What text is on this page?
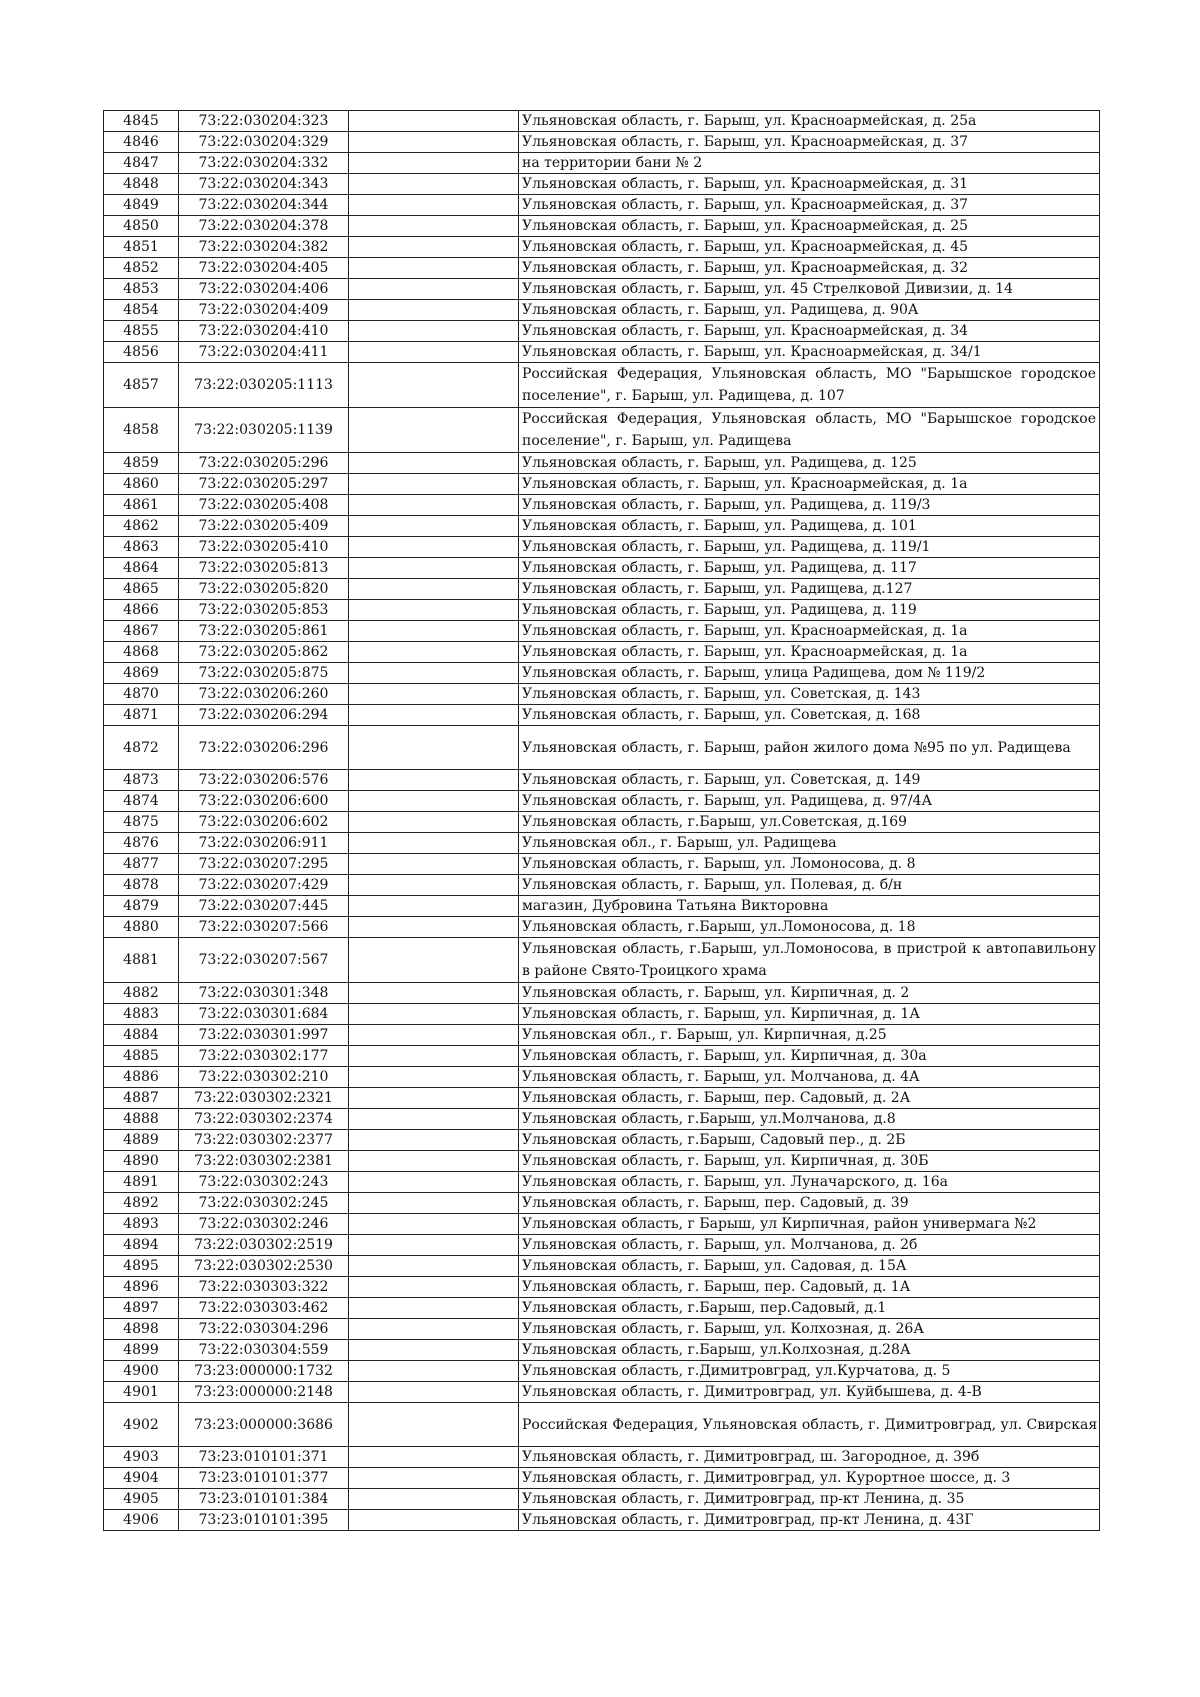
4845	73:22:030204:323		Ульяновская область, г. Барыш, ул. Красноармейская, д. 25а
4846	73:22:030204:329		Ульяновская область, г. Барыш, ул. Красноармейская, д. 37
4847	73:22:030204:332		на территории бани № 2
4848	73:22:030204:343		Ульяновская область, г. Барыш, ул. Красноармейская, д. 31
4849	73:22:030204:344		Ульяновская область, г. Барыш, ул. Красноармейская, д. 37
4850	73:22:030204:378		Ульяновская область, г. Барыш, ул. Красноармейская, д. 25
4851	73:22:030204:382		Ульяновская область, г. Барыш, ул. Красноармейская, д. 45
4852	73:22:030204:405		Ульяновская область, г. Барыш, ул. Красноармейская, д. 32
4853	73:22:030204:406		Ульяновская область, г. Барыш, ул. 45 Стрелковой Дивизии, д. 14
4854	73:22:030204:409		Ульяновская область, г. Барыш, ул. Радищева, д. 90А
4855	73:22:030204:410		Ульяновская область, г. Барыш, ул. Красноармейская, д. 34
4856	73:22:030204:411		Ульяновская область, г. Барыш, ул. Красноармейская, д. 34/1
4857	73:22:030205:1113		Российская Федерация, Ульяновская область, МО "Барышское городское поселение", г. Барыш, ул. Радищева, д. 107
4858	73:22:030205:1139		Российская Федерация, Ульяновская область, МО "Барышское городское поселение", г. Барыш, ул. Радищева
4859	73:22:030205:296		Ульяновская область, г. Барыш, ул. Радищева, д. 125
4860	73:22:030205:297		Ульяновская область, г. Барыш, ул. Красноармейская, д. 1а
4861	73:22:030205:408		Ульяновская область, г. Барыш, ул. Радищева, д. 119/3
4862	73:22:030205:409		Ульяновская область, г. Барыш, ул. Радищева, д. 101
4863	73:22:030205:410		Ульяновская область, г. Барыш, ул. Радищева, д. 119/1
4864	73:22:030205:813		Ульяновская область, г. Барыш, ул. Радищева, д. 117
4865	73:22:030205:820		Ульяновская область, г. Барыш, ул. Радищева, д.127
4866	73:22:030205:853		Ульяновская область, г. Барыш, ул. Радищева, д. 119
4867	73:22:030205:861		Ульяновская область, г. Барыш, ул. Красноармейская, д. 1а
4868	73:22:030205:862		Ульяновская область, г. Барыш, ул. Красноармейская, д. 1а
4869	73:22:030205:875		Ульяновская область, г. Барыш, улица Радищева, дом № 119/2
4870	73:22:030206:260		Ульяновская область, г. Барыш, ул. Советская, д. 143
4871	73:22:030206:294		Ульяновская область, г. Барыш, ул. Советская, д. 168
4872	73:22:030206:296		Ульяновская область, г. Барыш, район жилого дома №95 по ул. Радищева
4873	73:22:030206:576		Ульяновская область, г. Барыш, ул. Советская, д. 149
4874	73:22:030206:600		Ульяновская область, г. Барыш, ул. Радищева, д. 97/4А
4875	73:22:030206:602		Ульяновская область, г.Барыш, ул.Советская, д.169
4876	73:22:030206:911		Ульяновская обл., г. Барыш, ул. Радищева
4877	73:22:030207:295		Ульяновская область, г. Барыш, ул. Ломоносова, д. 8
4878	73:22:030207:429		Ульяновская область, г. Барыш, ул. Полевая, д. б/н
4879	73:22:030207:445		магазин, Дубровина Татьяна Викторовна
4880	73:22:030207:566		Ульяновская область, г.Барыш, ул.Ломоносова, д. 18
4881	73:22:030207:567		Ульяновская область, г.Барыш, ул.Ломоносова, в пристрой к автопавильону в районе Свято-Троицкого храма
4882	73:22:030301:348		Ульяновская область, г. Барыш, ул. Кирпичная, д. 2
4883	73:22:030301:684		Ульяновская область, г. Барыш, ул. Кирпичная, д. 1А
4884	73:22:030301:997		Ульяновская обл., г. Барыш, ул. Кирпичная, д.25
4885	73:22:030302:177		Ульяновская область, г. Барыш, ул. Кирпичная, д. 30а
4886	73:22:030302:210		Ульяновская область, г. Барыш, ул. Молчанова, д. 4А
4887	73:22:030302:2321		Ульяновская область, г. Барыш, пер. Садовый, д. 2А
4888	73:22:030302:2374		Ульяновская область, г.Барыш, ул.Молчанова, д.8
4889	73:22:030302:2377		Ульяновская область, г.Барыш, Садовый пер., д. 2Б
4890	73:22:030302:2381		Ульяновская область, г. Барыш, ул. Кирпичная, д. 30Б
4891	73:22:030302:243		Ульяновская область, г. Барыш, ул. Луначарского, д. 16а
4892	73:22:030302:245		Ульяновская область, г. Барыш, пер. Садовый, д. 39
4893	73:22:030302:246		Ульяновская область, г Барыш, ул Кирпичная, район универмага №2
4894	73:22:030302:2519		Ульяновская область, г. Барыш, ул. Молчанова, д. 2б
4895	73:22:030302:2530		Ульяновская область, г. Барыш, ул. Садовая, д. 15А
4896	73:22:030303:322		Ульяновская область, г. Барыш, пер. Садовый, д. 1А
4897	73:22:030303:462		Ульяновская область, г.Барыш, пер.Садовый, д.1
4898	73:22:030304:296		Ульяновская область, г. Барыш, ул. Колхозная, д. 26А
4899	73:22:030304:559		Ульяновская область, г.Барыш, ул.Колхозная, д.28А
4900	73:23:000000:1732		Ульяновская область, г.Димитровград, ул.Курчатова, д. 5
4901	73:23:000000:2148		Ульяновская область, г. Димитровград, ул. Куйбышева, д. 4-В
4902	73:23:000000:3686		Российская Федерация, Ульяновская область, г. Димитровград, ул. Свирская
4903	73:23:010101:371		Ульяновская область, г. Димитровград, ш. Загородное, д. 39б
4904	73:23:010101:377		Ульяновская область, г. Димитровград, ул. Курортное шоссе, д. 3
4905	73:23:010101:384		Ульяновская область, г. Димитровград, пр-кт Ленина, д. 35
4906	73:23:010101:395		Ульяновская область, г. Димитровград, пр-кт Ленина, д. 43Г
